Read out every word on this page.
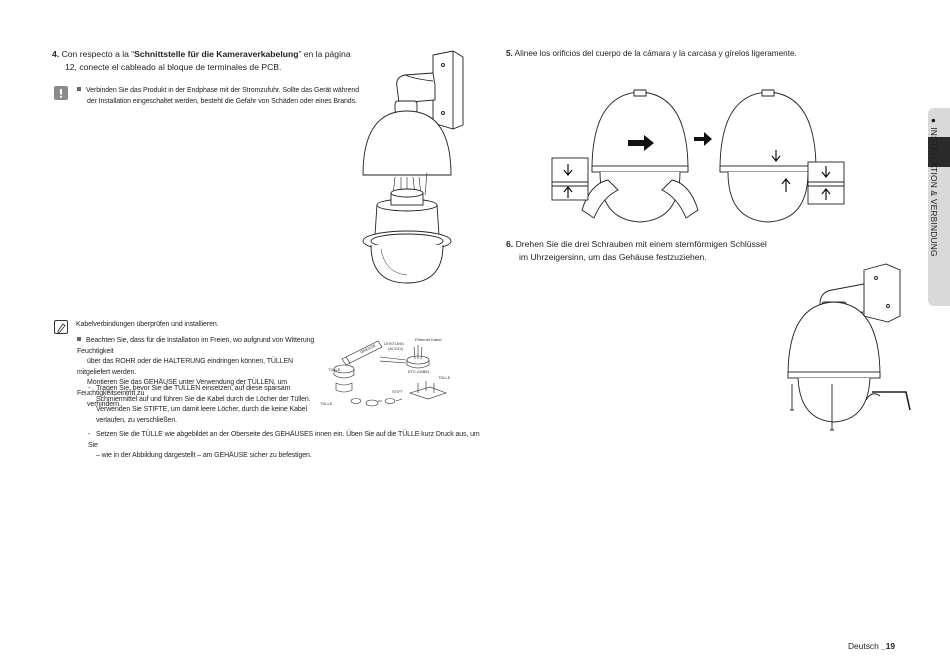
4. Con respecto a la “Schnittstelle für die Kameraverkabelung” en la página
12, conecte el cableado al bloque de terminales de PCB.
Verbinden Sie das Produkt in der Endphase mit der Stromzufuhr. Sollte das Gerät während
der Installation eingeschaltet werden, besteht die Gefahr von Schäden oder eines Brands.
Kabelverbindungen überprüfen und installieren.
Beachten Sie, dass für die Installation im Freien, wo aufgrund von Witterung Feuchtigkeit
über das ROHR oder die HALTERUNG eindringen können, TÜLLEN mitgeliefert werden.
Montieren Sie das GEHÄUSE unter Verwendung der TÜLLEN, um Feuchtigkeitseintritt zu
verhindern.
- Tragen Sie, bevor Sie die TÜLLEN einsetzen, auf diese sparsam
Schmiermittel auf und führen Sie die Kabel durch die Löcher der Tüllen.
Verwenden Sie STIFTE, um damit leere Löcher, durch die keine Kabel
verlaufen, zu verschließen.
- Setzen Sie die TÜLLE wie abgebildet an der Oberseite des GEHÄUSES innen ein. Üben Sie auf die TÜLLE kurz Druck aus, um Sie
– wie in der Abbildung dargestellt – am GEHÄUSE sicher zu befestigen.
LEISTUNG
(AC24V)
Ethernet Kabel
ETC-KABEL
TÜLLE
TÜLLE
TÜLLE
STIFT
GREASE
5. Alinee los orificios del cuerpo de la cámara y la carcasa y gírelos ligeramente.
6. Drehen Sie die drei Schrauben mit einem sternförmigen Schlüssel
im Uhrzeigersinn, um das Gehäuse festzuziehen.
●INSTALLATION & VERBINDUNG
Deutsch _19
